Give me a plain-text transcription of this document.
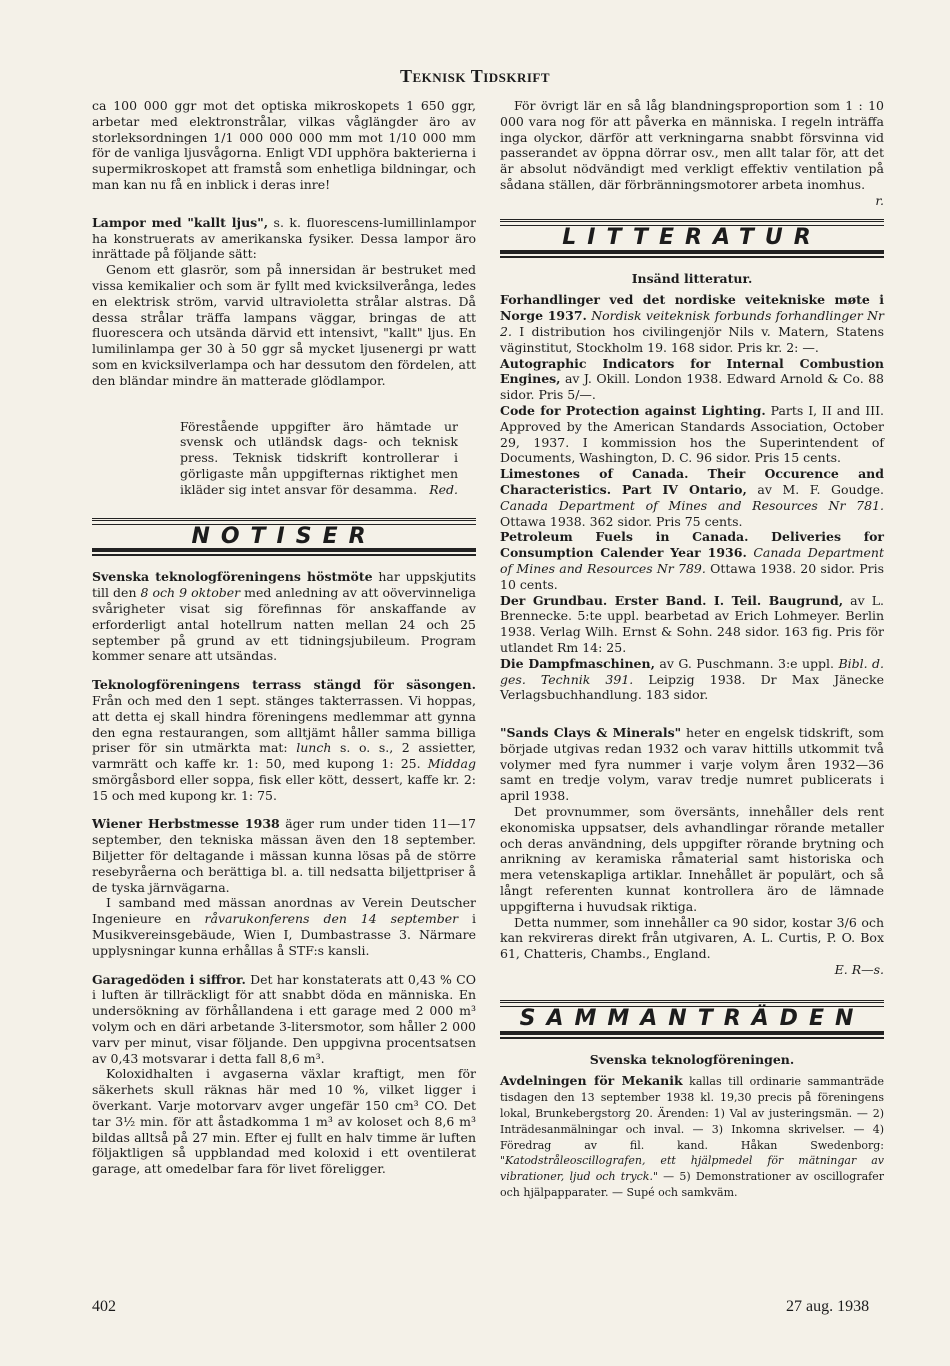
Teknisk Tidskrift

ca 100 000 ggr mot det optiska mikroskopets 1 650 ggr, arbetar med elektronstrålar, vilkas våglängder äro av storleksordningen 1/1 000 000 000 mm mot 1/10 000 mm för de vanliga ljusvågorna. Enligt VDI upphöra bakterierna i supermikroskopet att framstå som enhetliga bildningar, och man kan nu få en inblick i deras inre!

Lampor med "kallt ljus", s. k. fluorescens-lumillinlampor ha konstruerats av amerikanska fysiker. Dessa lampor äro inrättade på följande sätt:

Genom ett glasrör, som på innersidan är bestruket med vissa kemikalier och som är fyllt med kvicksilverånga, ledes en elektrisk ström, varvid ultravioletta strålar alstras. Då dessa strålar träffa lampans väggar, bringas de att fluorescera och utsända därvid ett intensivt, "kallt" ljus. En lumilinlampa ger 30 à 50 ggr så mycket ljusenergi pr watt som en kvicksilverlampa och har dessutom den fördelen, att den bländar mindre än matterade glödlampor.

Förestående uppgifter äro hämtade ur svensk och utländsk dags- och teknisk press. Teknisk tidskrift kontrollerar i görligaste mån uppgifternas riktighet men ikläder sig intet ansvar för desamma. Red.
NOTISER

Svenska teknologföreningens höstmöte har uppskjutits till den 8 och 9 oktober med anledning av att oövervinneliga svårigheter visat sig förefinnas för anskaffande av erforderligt antal hotellrum natten mellan 24 och 25 september på grund av ett tidningsjubileum. Program kommer senare att utsändas.

Teknologföreningens terrass stängd för säsongen. Från och med den 1 sept. stänges takterrassen. Vi hoppas, att detta ej skall hindra föreningens medlemmar att gynna den egna restaurangen, som alltjämt håller samma billiga priser för sin utmärkta mat: lunch s. o. s., 2 assietter, varmrätt och kaffe kr. 1: 50, med kupong 1: 25. Middag smörgåsbord eller soppa, fisk eller kött, dessert, kaffe kr. 2: 15 och med kupong kr. 1: 75.

Wiener Herbstmesse 1938 äger rum under tiden 11—17 september, den tekniska mässan även den 18 september. Biljetter för deltagande i mässan kunna lösas på de större resebyråerna och berättiga bl. a. till nedsatta biljettpriser å de tyska järnvägarna.

I samband med mässan anordnas av Verein Deutscher Ingenieure en råvarukonferens den 14 september i Musikvereinsgebäude, Wien I, Dumbastrasse 3. Närmare upplysningar kunna erhållas å STF:s kansli.

Garagedöden i siffror. Det har konstaterats att 0,43 % CO i luften är tillräckligt för att snabbt döda en människa. En undersökning av förhållandena i ett garage med 2 000 m³ volym och en däri arbetande 3-litersmotor, som håller 2 000 varv per minut, visar följande. Den uppgivna procentsatsen av 0,43 motsvarar i detta fall 8,6 m³.

Koloxidhalten i avgaserna växlar kraftigt, men för säkerhets skull räknas här med 10 %, vilket ligger i överkant. Varje motorvarv avger ungefär 150 cm³ CO. Det tar 3½ min. för att åstadkomma 1 m³ av koloset och 8,6 m³ bildas alltså på 27 min. Efter ej fullt en halv timme är luften följaktligen så uppblandad med koloxid i ett oventilerat garage, att omedelbar fara för livet föreligger.

För övrigt lär en så låg blandningsproportion som 1 : 10 000 vara nog för att påverka en människa. I regeln inträffa inga olyckor, därför att verkningarna snabbt försvinna vid passerandet av öppna dörrar osv., men allt talar för, att det är absolut nödvändigt med verkligt effektiv ventilation på sådana ställen, där förbränningsmotorer arbeta inomhus.
r.

LITTERATUR

Insänd litteratur.

Forhandlinger ved det nordiske veitekniske møte i Norge 1937. Nordisk veiteknisk forbunds forhandlinger Nr 2. I distribution hos civilingenjör Nils v. Matern, Statens väginstitut, Stockholm 19. 168 sidor. Pris kr. 2: —.

Autographic Indicators for Internal Combustion Engines, av J. Okill. London 1938. Edward Arnold & Co. 88 sidor. Pris 5/—.

Code for Protection against Lighting. Parts I, II and III. Approved by the American Standards Association, October 29, 1937. I kommission hos the Superintendent of Documents, Washington, D. C. 96 sidor. Pris 15 cents.

Limestones of Canada. Their Occurence and Characteristics. Part IV Ontario, av M. F. Goudge. Canada Department of Mines and Resources Nr 781. Ottawa 1938. 362 sidor. Pris 75 cents.

Petroleum Fuels in Canada. Deliveries for Consumption Calender Year 1936. Canada Department of Mines and Resources Nr 789. Ottawa 1938. 20 sidor. Pris 10 cents.

Der Grundbau. Erster Band. I. Teil. Baugrund, av L. Brennecke. 5:te uppl. bearbetad av Erich Lohmeyer. Berlin 1938. Verlag Wilh. Ernst & Sohn. 248 sidor. 163 fig. Pris för utlandet Rm 14: 25.

Die Dampfmaschinen, av G. Puschmann. 3:e uppl. Bibl. d. ges. Technik 391. Leipzig 1938. Dr Max Jänecke Verlagsbuchhandlung. 183 sidor.

"Sands Clays & Minerals" heter en engelsk tidskrift, som började utgivas redan 1932 och varav hittills utkommit två volymer med fyra nummer i varje volym åren 1932—36 samt en tredje volym, varav tredje numret publicerats i april 1938.

Det provnummer, som översänts, innehåller dels rent ekonomiska uppsatser, dels avhandlingar rörande metaller och deras användning, dels uppgifter rörande brytning och anrikning av keramiska råmaterial samt historiska och mera vetenskapliga artiklar. Innehållet är populärt, och så långt referenten kunnat kontrollera äro de lämnade uppgifterna i huvudsak riktiga.

Detta nummer, som innehåller ca 90 sidor, kostar 3/6 och kan rekvireras direkt från utgivaren, A. L. Curtis, P. O. Box 61, Chatteris, Chambs., England.

E. R—s.

SAMMANTRÄDEN

Svenska teknologföreningen.

Avdelningen för Mekanik kallas till ordinarie sammanträde tisdagen den 13 september 1938 kl. 19,30 precis på föreningens lokal, Brunkebergstorg 20. Ärenden: 1) Val av justeringsmän. — 2) Inträdesanmälningar och inval. — 3) Inkomna skrivelser. — 4) Föredrag av fil. kand. Håkan Swedenborg: "Katodstråleoscillografen, ett hjälpmedel för mätningar av vibrationer, ljud och tryck." — 5) Demonstrationer av oscillografer och hjälpapparater. — Supé och samkväm.

402	27 aug. 1938
